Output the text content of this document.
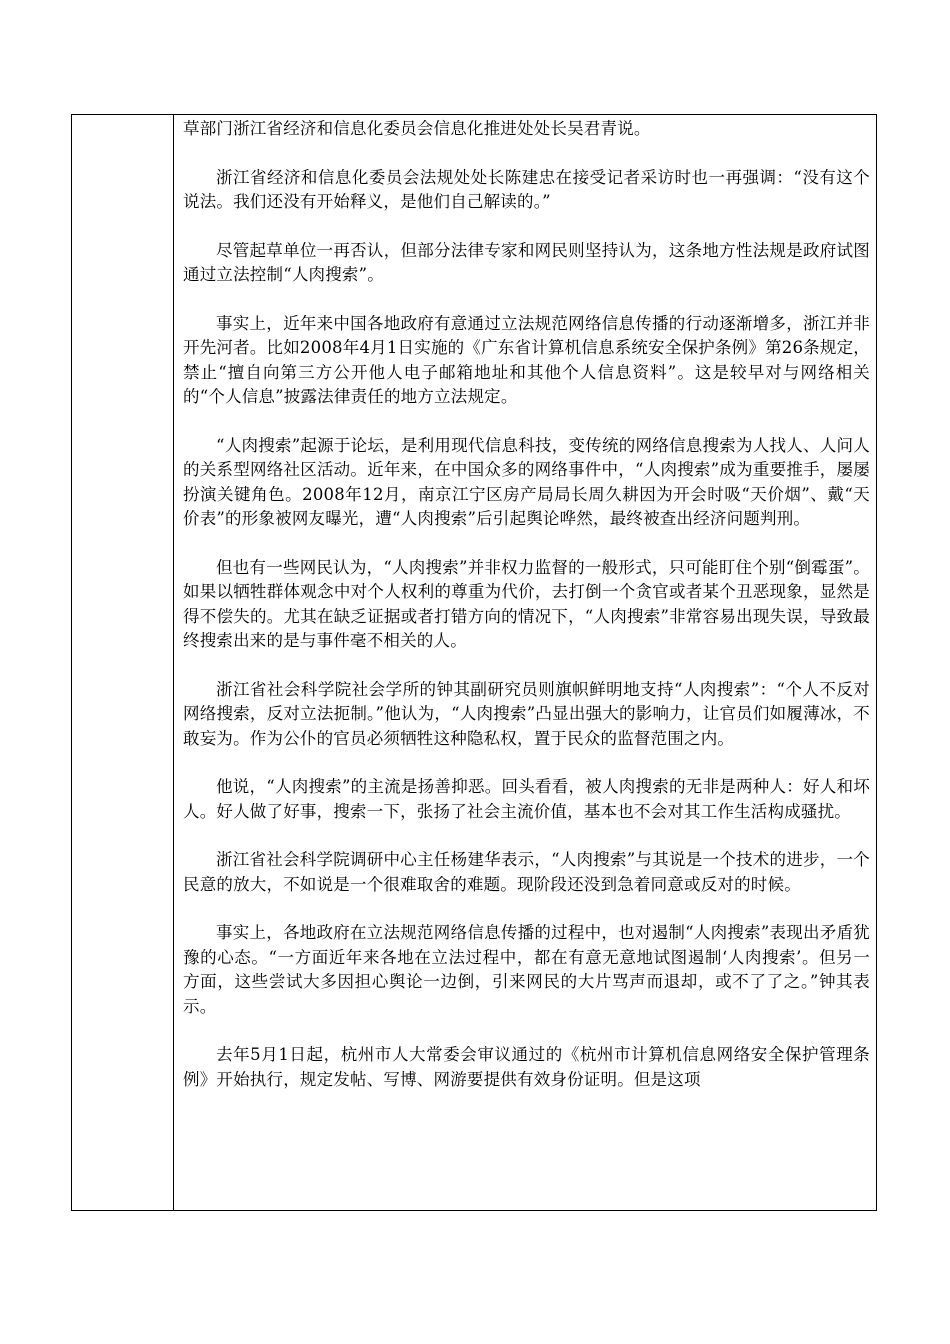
草部门浙江省经济和信息化委员会信息化推进处处长吴君青说。

浙江省经济和信息化委员会法规处处长陈建忠在接受记者采访时也一再强调：“没有这个说法。我们还没有开始释义，是他们自己解读的。”

尽管起草单位一再否认，但部分法律专家和网民则坚持认为，这条地方性法规是政府试图通过立法控制“人肉搜索”。

事实上，近年来中国各地政府有意通过立法规范网络信息传播的行动逐渐增多，浙江并非开先河者。比如2008年4月1日实施的《广东省计算机信息系统安全保护条例》第26条规定，禁止“擅自向第三方公开他人电子邮箱地址和其他个人信息资料”。这是较早对与网络相关的“个人信息”披露法律责任的地方立法规定。

“人肉搜索”起源于论坛，是利用现代信息科技，变传统的网络信息搜索为人找人、人问人的关系型网络社区活动。近年来，在中国众多的网络事件中，“人肉搜索”成为重要推手，屡屡扮演关键角色。2008年12月，南京江宁区房产局局长周久耕因为开会时吸“天价烟”、戴“天价表”的形象被网友曝光，遭“人肉搜索”后引起舆论哗然，最终被查出经济问题判刑。

但也有一些网民认为，“人肉搜索”并非权力监督的一般形式，只可能盯住个别“倒霉蛋”。如果以牺牲群体观念中对个人权利的尊重为代价，去打倒一个贪官或者某个丑恶现象，显然是得不偿失的。尤其在缺乏证据或者打错方向的情况下，“人肉搜索”非常容易出现失误，导致最终搜索出来的是与事件毫不相关的人。

浙江省社会科学院社会学所的钟其副研究员则旗帜鲜明地支持“人肉搜索”：“个人不反对网络搜索，反对立法扼制。”他认为，“人肉搜索”凸显出强大的影响力，让官员们如履薄冰，不敢妄为。作为公仆的官员必须牺牲这种隐私权，置于民众的监督范围之内。

他说，“人肉搜索”的主流是扬善抑恶。回头看看，被人肉搜索的无非是两种人：好人和坏人。好人做了好事，搜索一下，张扬了社会主流价值，基本也不会对其工作生活构成骚扰。

浙江省社会科学院调研中心主任杨建华表示，“人肉搜索”与其说是一个技术的进步，一个民意的放大，不如说是一个很难取舍的难题。现阶段还没到急着同意或反对的时候。

事实上，各地政府在立法规范网络信息传播的过程中，也对遏制“人肉搜索”表现出矛盾犹豫的心态。“一方面近年来各地在立法过程中，都在有意无意地试图遏制‘人肉搜索’。但另一方面，这些尝试大多因担心舆论一边倒，引来网民的大片骂声而退却，或不了了之。”钟其表示。

去年5月1日起，杭州市人大常委会审议通过的《杭州市计算机信息网络安全保护管理条例》开始执行，规定发帖、写博、网游要提供有效身份证明。但是这项
